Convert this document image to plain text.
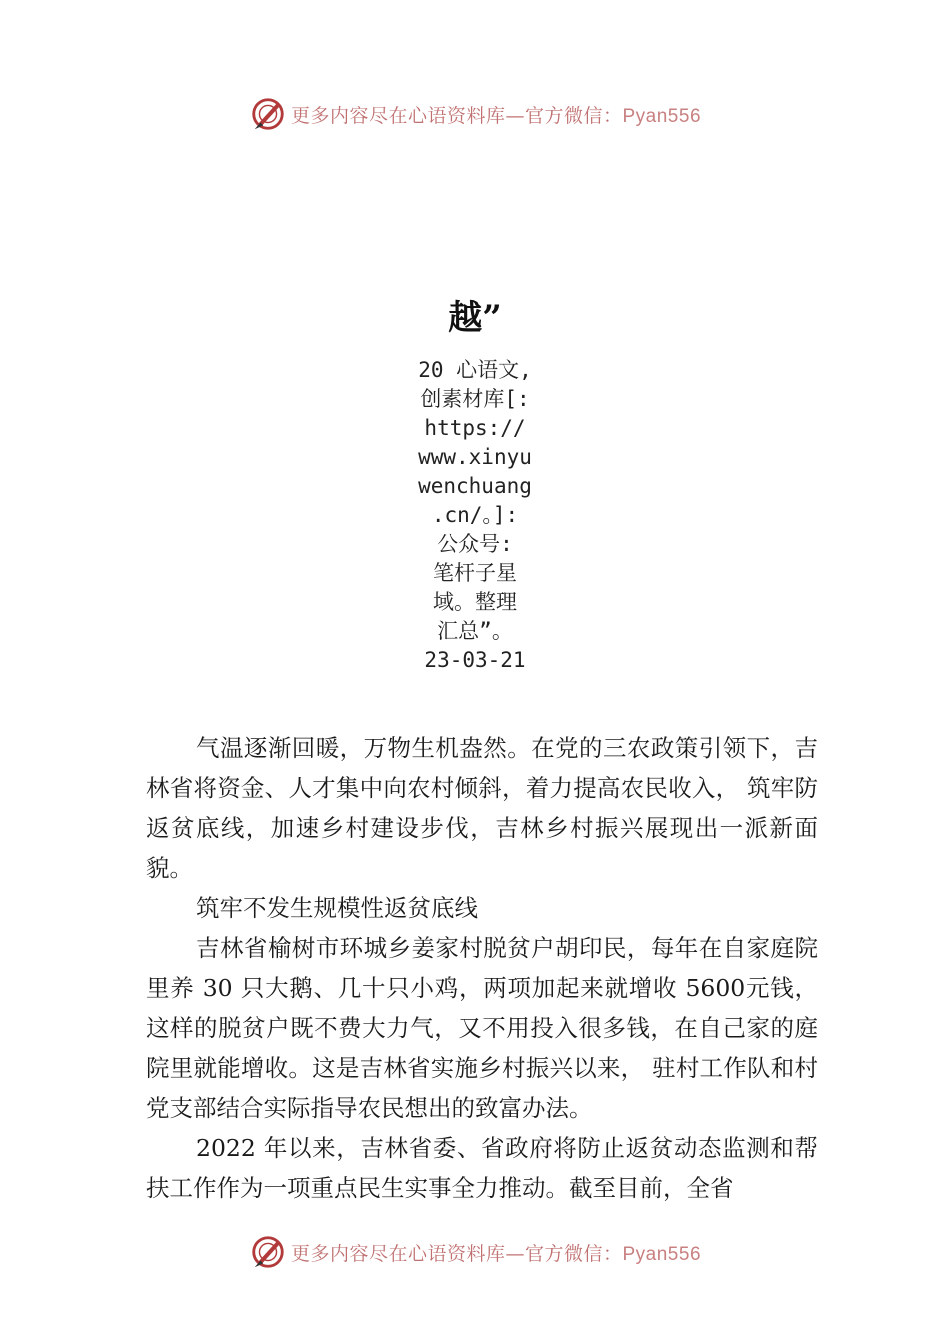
更多内容尽在心语资料库—官方微信：Pyan556
越”
20 心语文,
创素材库[:
https://
www.xinyu
wenchuang
.cn/。]:
公众号:
笔杆子星
域。整理
汇总”。
23-03-21

气温逐渐回暖，万物生机盎然。在党的三农政策引领下，吉林省将资金、人才集中向农村倾斜，着力提高农民收入， 筑牢防返贫底线，加速乡村建设步伐，吉林乡村振兴展现出一派新面貌。

筑牢不发生规模性返贫底线

吉林省榆树市环城乡姜家村脱贫户胡印民，每年在自家庭院里养 30 只大鹅、几十只小鸡，两项加起来就增收 5600元钱，这样的脱贫户既不费大力气，又不用投入很多钱，在自己家的庭院里就能增收。这是吉林省实施乡村振兴以来， 驻村工作队和村党支部结合实际指导农民想出的致富办法。

2022 年以来，吉林省委、省政府将防止返贫动态监测和帮扶工作作为一项重点民生实事全力推动。截至目前，全省

更多内容尽在心语资料库—官方微信：Pyan556
